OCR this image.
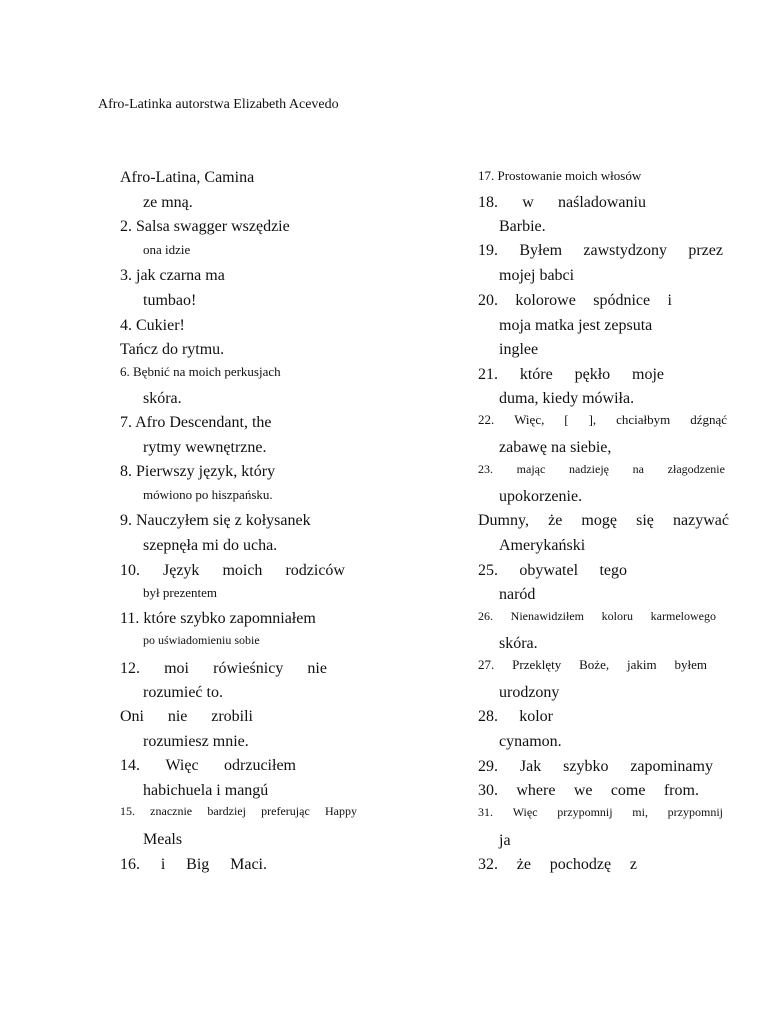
Afro-Latinka autorstwa Elizabeth Acevedo
Afro-Latina, Camina
ze mną.
2. Salsa swagger wszędzie
ona idzie
3. jak czarna ma
tumbao!
4. Cukier!
Tańcz do rytmu.
6. Bębnić na moich perkusjach
skóra.
7. Afro Descendant, the
rytmy wewnętrzne.
8. Pierwszy język, który
mówiono po hiszpańsku.
9. Nauczyłem się z kołysanek
szepnęła mi do ucha.
10. Język moich rodziców
był prezentem
11. które szybko zapomniałem
po uświadomieniu sobie
12. moi rówieśnicy nie
rozumieć to.
Oni nie zrobili
rozumiesz mnie.
14. Więc odrzuciłem
habichuela i mangú
15. znacznie bardziej preferując Happy
Meals
16. i Big Maci.
17. Prostowanie moich włosów
18. w naśladowaniu
Barbie.
19. Byłem zawstydzony przez
mojej babci
20. kolorowe spódnice i
moja matka jest zepsuta
inglee
21. które pękło moje
duma, kiedy mówiła.
22. Więc, [ ], chciałbym dźgnąć
zabawę na siebie,
23. mając nadzieję na złagodzenie
upokorzenie.
Dumny, że mogę się nazywać
Amerykański
25. obywatel tego
naród
26. Nienawidziłem koloru karmelowego
skóra.
27. Przeklęty Boże, jakim byłem
urodzony
28. kolor
cynamon.
29. Jak szybko zapominamy
30. where we come from.
31. Więc przypomnij mi, przypomnij
ja
32. że pochodzę z
